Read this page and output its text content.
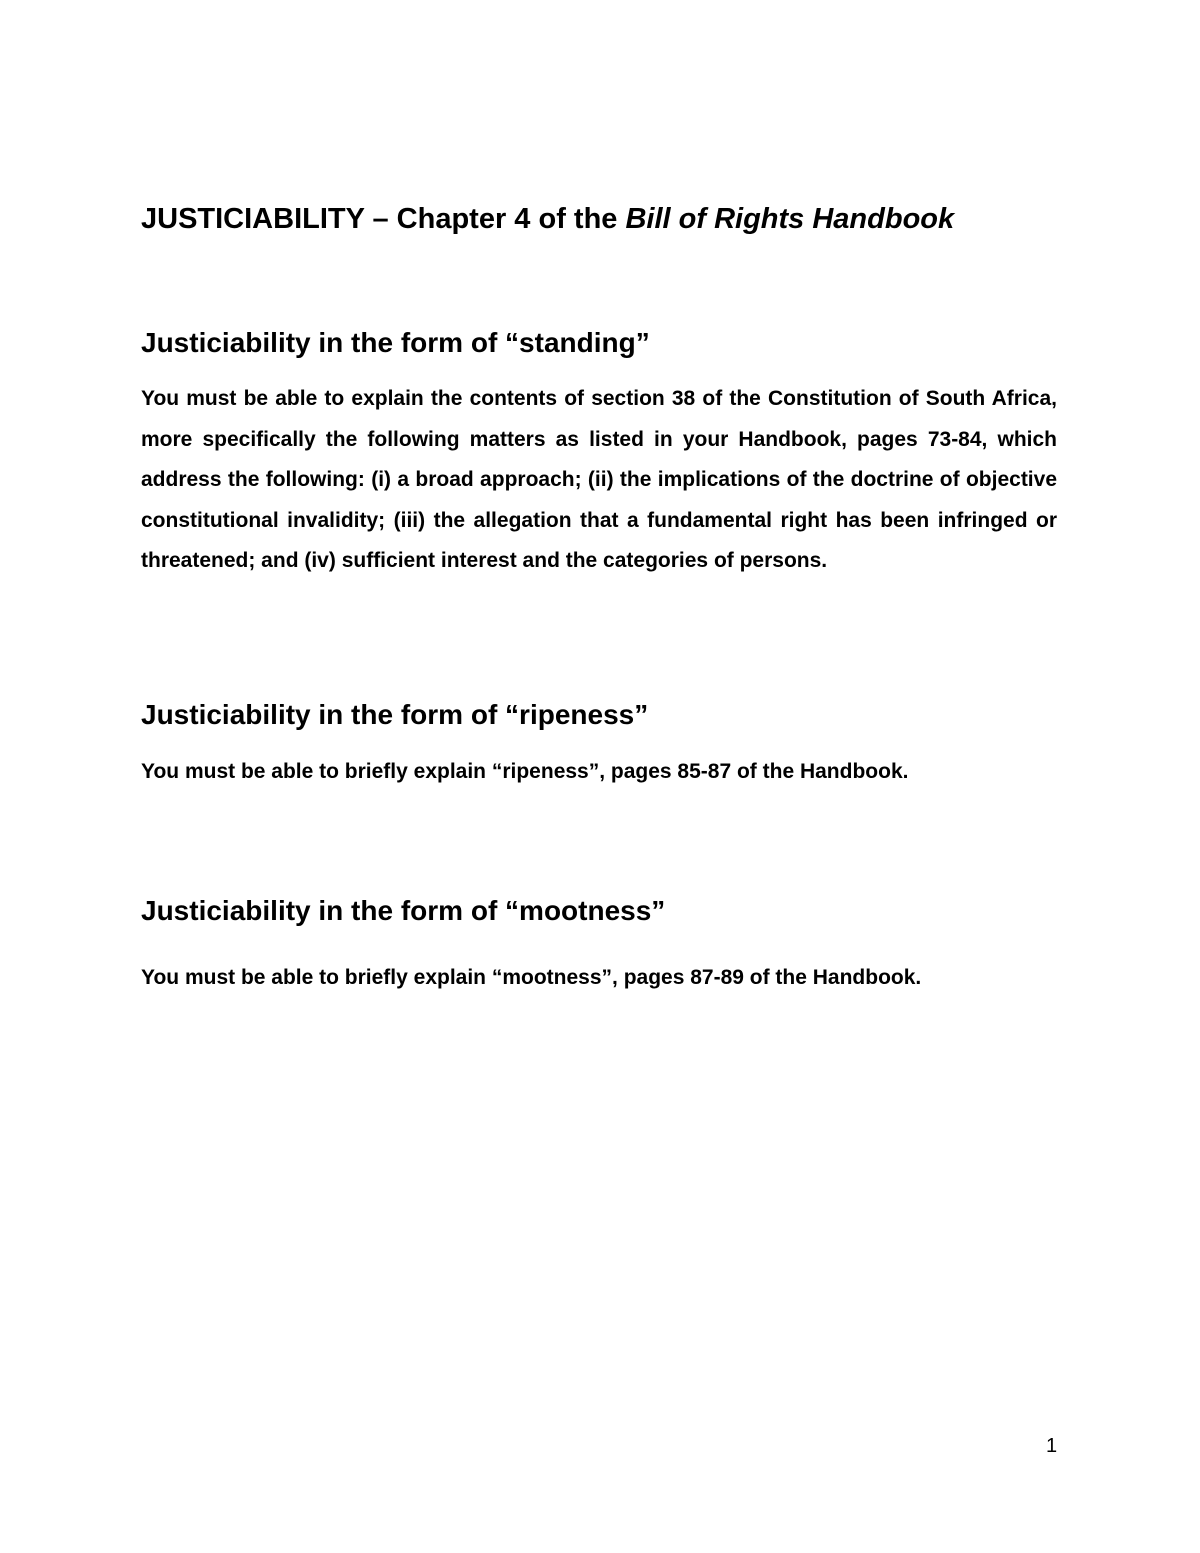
JUSTICIABILITY – Chapter 4 of the Bill of Rights Handbook
Justiciability in the form of “standing”

You must be able to explain the contents of section 38 of the Constitution of South Africa, more specifically the following matters as listed in your Handbook, pages 73-84, which address the following: (i) a broad approach; (ii) the implications of the doctrine of objective constitutional invalidity; (iii) the allegation that a fundamental right has been infringed or threatened; and (iv) sufficient interest and the categories of persons.

Justiciability in the form of “ripeness”

You must be able to briefly explain “ripeness”, pages 85-87 of the Handbook.

Justiciability in the form of “mootness”

You must be able to briefly explain “mootness”, pages 87-89 of the Handbook.

1
